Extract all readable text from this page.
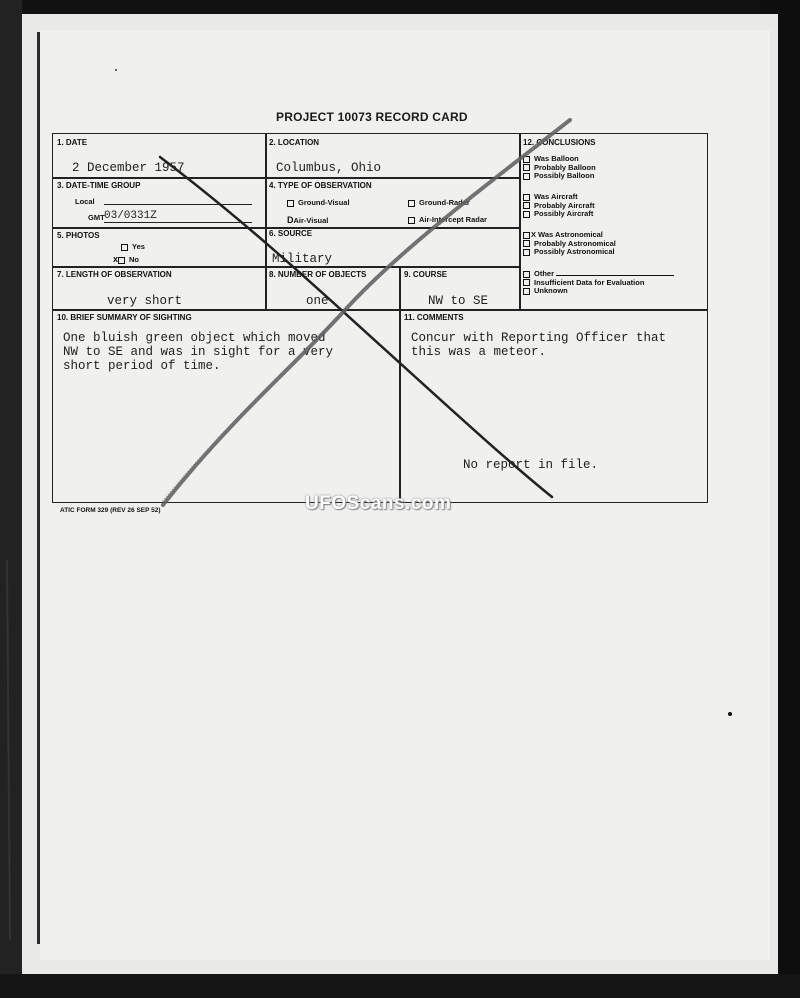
PROJECT 10073 RECORD CARD
1. DATE
2 December 1957
2. LOCATION
Columbus, Ohio
3. DATE-TIME GROUP
Local
GMT 03/0331Z
4. TYPE OF OBSERVATION
Ground-Visual	Ground-Radar
DAir-Visual	Air-Intercept Radar
5. PHOTOS
Yes
x No
6. SOURCE
Military
7. LENGTH OF OBSERVATION
very short
8. NUMBER OF OBJECTS
one
9. COURSE
NW to SE
10. BRIEF SUMMARY OF SIGHTING
One bluish green object which moved
NW to SE and was in sight for a very
short period of time.
11. COMMENTS
Concur with Reporting Officer that
this was a meteor.
No report in file.
12. CONCLUSIONS
Was Balloon
Probably Balloon
Possibly Balloon
Was Aircraft
Probably Aircraft
Possibly Aircraft
X Was Astronomical
Probably Astronomical
Possibly Astronomical
Other
Insufficient Data for Evaluation
Unknown
ATIC FORM 329 (REV 26 SEP 52)	UFOScans.com
